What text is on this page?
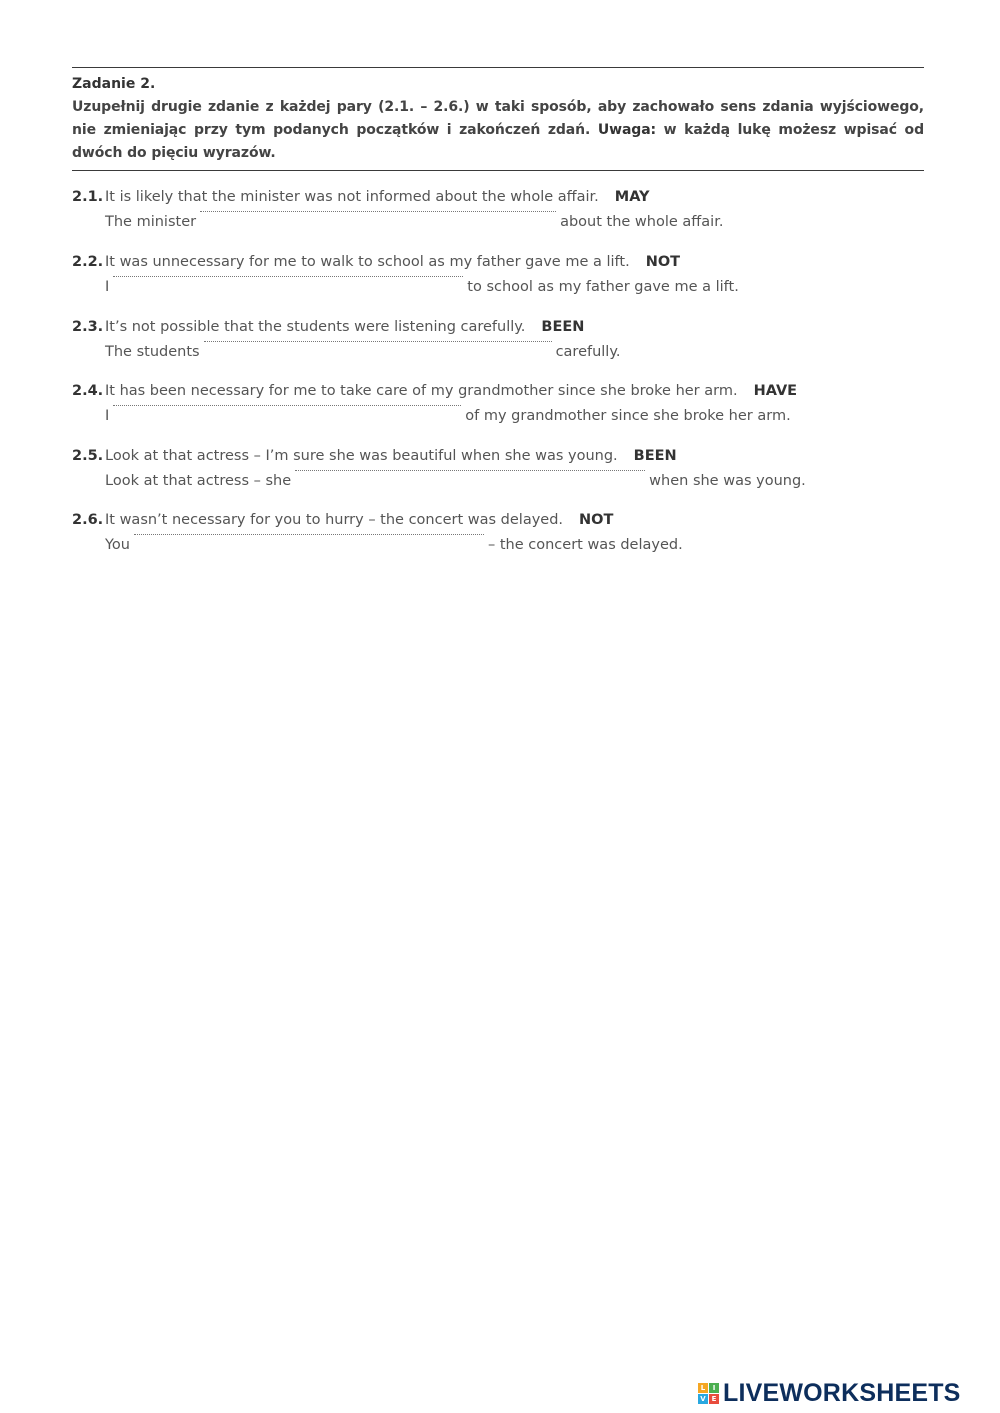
Zadanie 2.
Uzupełnij drugie zdanie z każdej pary (2.1. – 2.6.) w taki sposób, aby zachowało sens zdania wyjściowego, nie zmieniając przy tym podanych początków i zakończeń zdań. Uwaga: w każdą lukę możesz wpisać od dwóch do pięciu wyrazów.
2.1. It is likely that the minister was not informed about the whole affair. MAY
The minister	about the whole affair.
2.2. It was unnecessary for me to walk to school as my father gave me a lift. NOT
I	to school as my father gave me a lift.
2.3. It’s not possible that the students were listening carefully. BEEN
The students	carefully.
2.4. It has been necessary for me to take care of my grandmother since she broke her arm. HAVE
I	of my grandmother since she broke her arm.
2.5. Look at that actress – I’m sure she was beautiful when she was young. BEEN
Look at that actress – she	when she was young.
2.6. It wasn’t necessary for you to hurry – the concert was delayed. NOT
You	– the concert was delayed.
L	I
V E LIVEWORKSHEETS
